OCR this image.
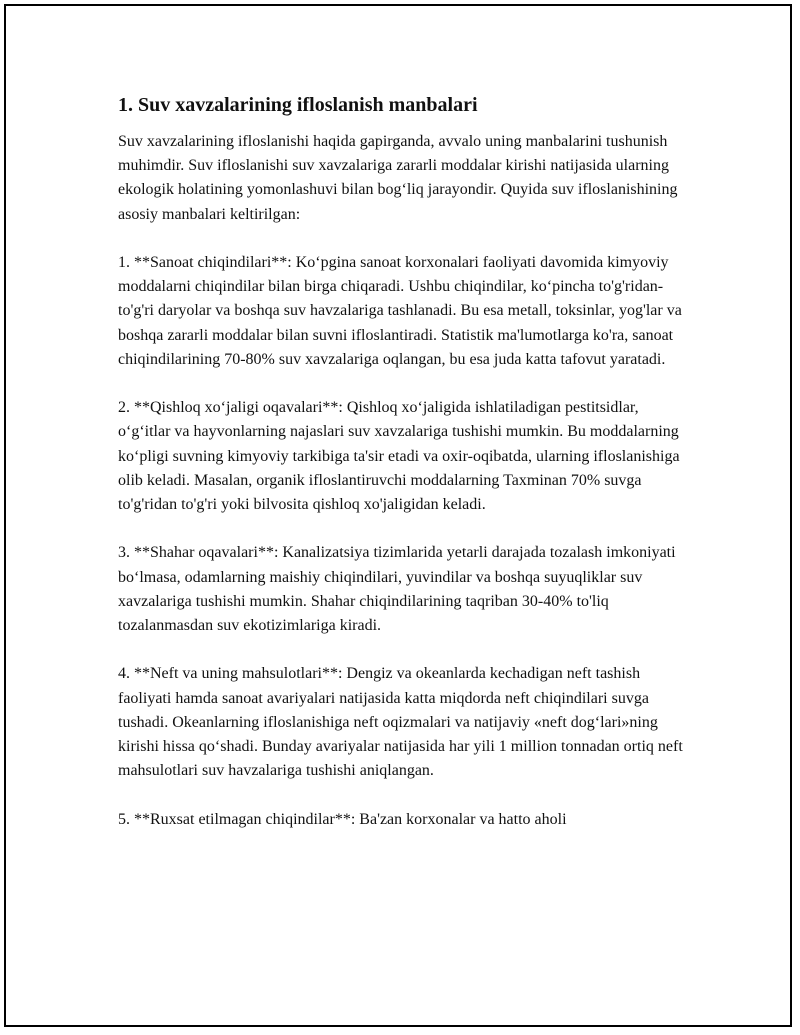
1. Suv xavzalarining ifloslanish manbalari

Suv xavzalarining ifloslanishi haqida gapirganda, avvalo uning manbalarini tushunish muhimdir. Suv ifloslanishi suv xavzalariga zararli moddalar kirishi natijasida ularning ekologik holatining yomonlashuvi bilan bog‘liq jarayondir. Quyida suv ifloslanishining asosiy manbalari keltirilgan:

1. **Sanoat chiqindilari**: Ko‘pgina sanoat korxonalari faoliyati davomida kimyoviy moddalarni chiqindilar bilan birga chiqaradi. Ushbu chiqindilar, ko‘pincha to'g'ridan-to'g'ri daryolar va boshqa suv havzalariga tashlanadi. Bu esa metall, toksinlar, yog'lar va boshqa zararli moddalar bilan suvni ifloslantiradi. Statistik ma'lumotlarga ko'ra, sanoat chiqindilarining 70-80% suv xavzalariga oqlangan, bu esa juda katta tafovut yaratadi.

2. **Qishloq xo‘jaligi oqavalari**: Qishloq xo‘jaligida ishlatiladigan pestitsidlar, o‘g‘itlar va hayvonlarning najaslari suv xavzalariga tushishi mumkin. Bu moddalarning ko‘pligi suvning kimyoviy tarkibiga ta'sir etadi va oxir-oqibatda, ularning ifloslanishiga olib keladi. Masalan, organik ifloslantiruvchi moddalarning Taxminan 70% suvga to'g'ridan to'g'ri yoki bilvosita qishloq xo'jaligidan keladi.

3. **Shahar oqavalari**: Kanalizatsiya tizimlarida yetarli darajada tozalash imkoniyati bo‘lmasa, odamlarning maishiy chiqindilari, yuvindilar va boshqa suyuqliklar suv xavzalariga tushishi mumkin. Shahar chiqindilarining taqriban 30-40% to'liq tozalanmasdan suv ekotizimlariga kiradi.

4. **Neft va uning mahsulotlari**: Dengiz va okeanlarda kechadigan neft tashish faoliyati hamda sanoat avariyalari natijasida katta miqdorda neft chiqindilari suvga tushadi. Okeanlarning ifloslanishiga neft oqizmalari va natijaviy «neft dog‘lari»ning kirishi hissa qo‘shadi. Bunday avariyalar natijasida har yili 1 million tonnadan ortiq neft mahsulotlari suv havzalariga tushishi aniqlangan.

5. **Ruxsat etilmagan chiqindilar**: Ba'zan korxonalar va hatto aholi
